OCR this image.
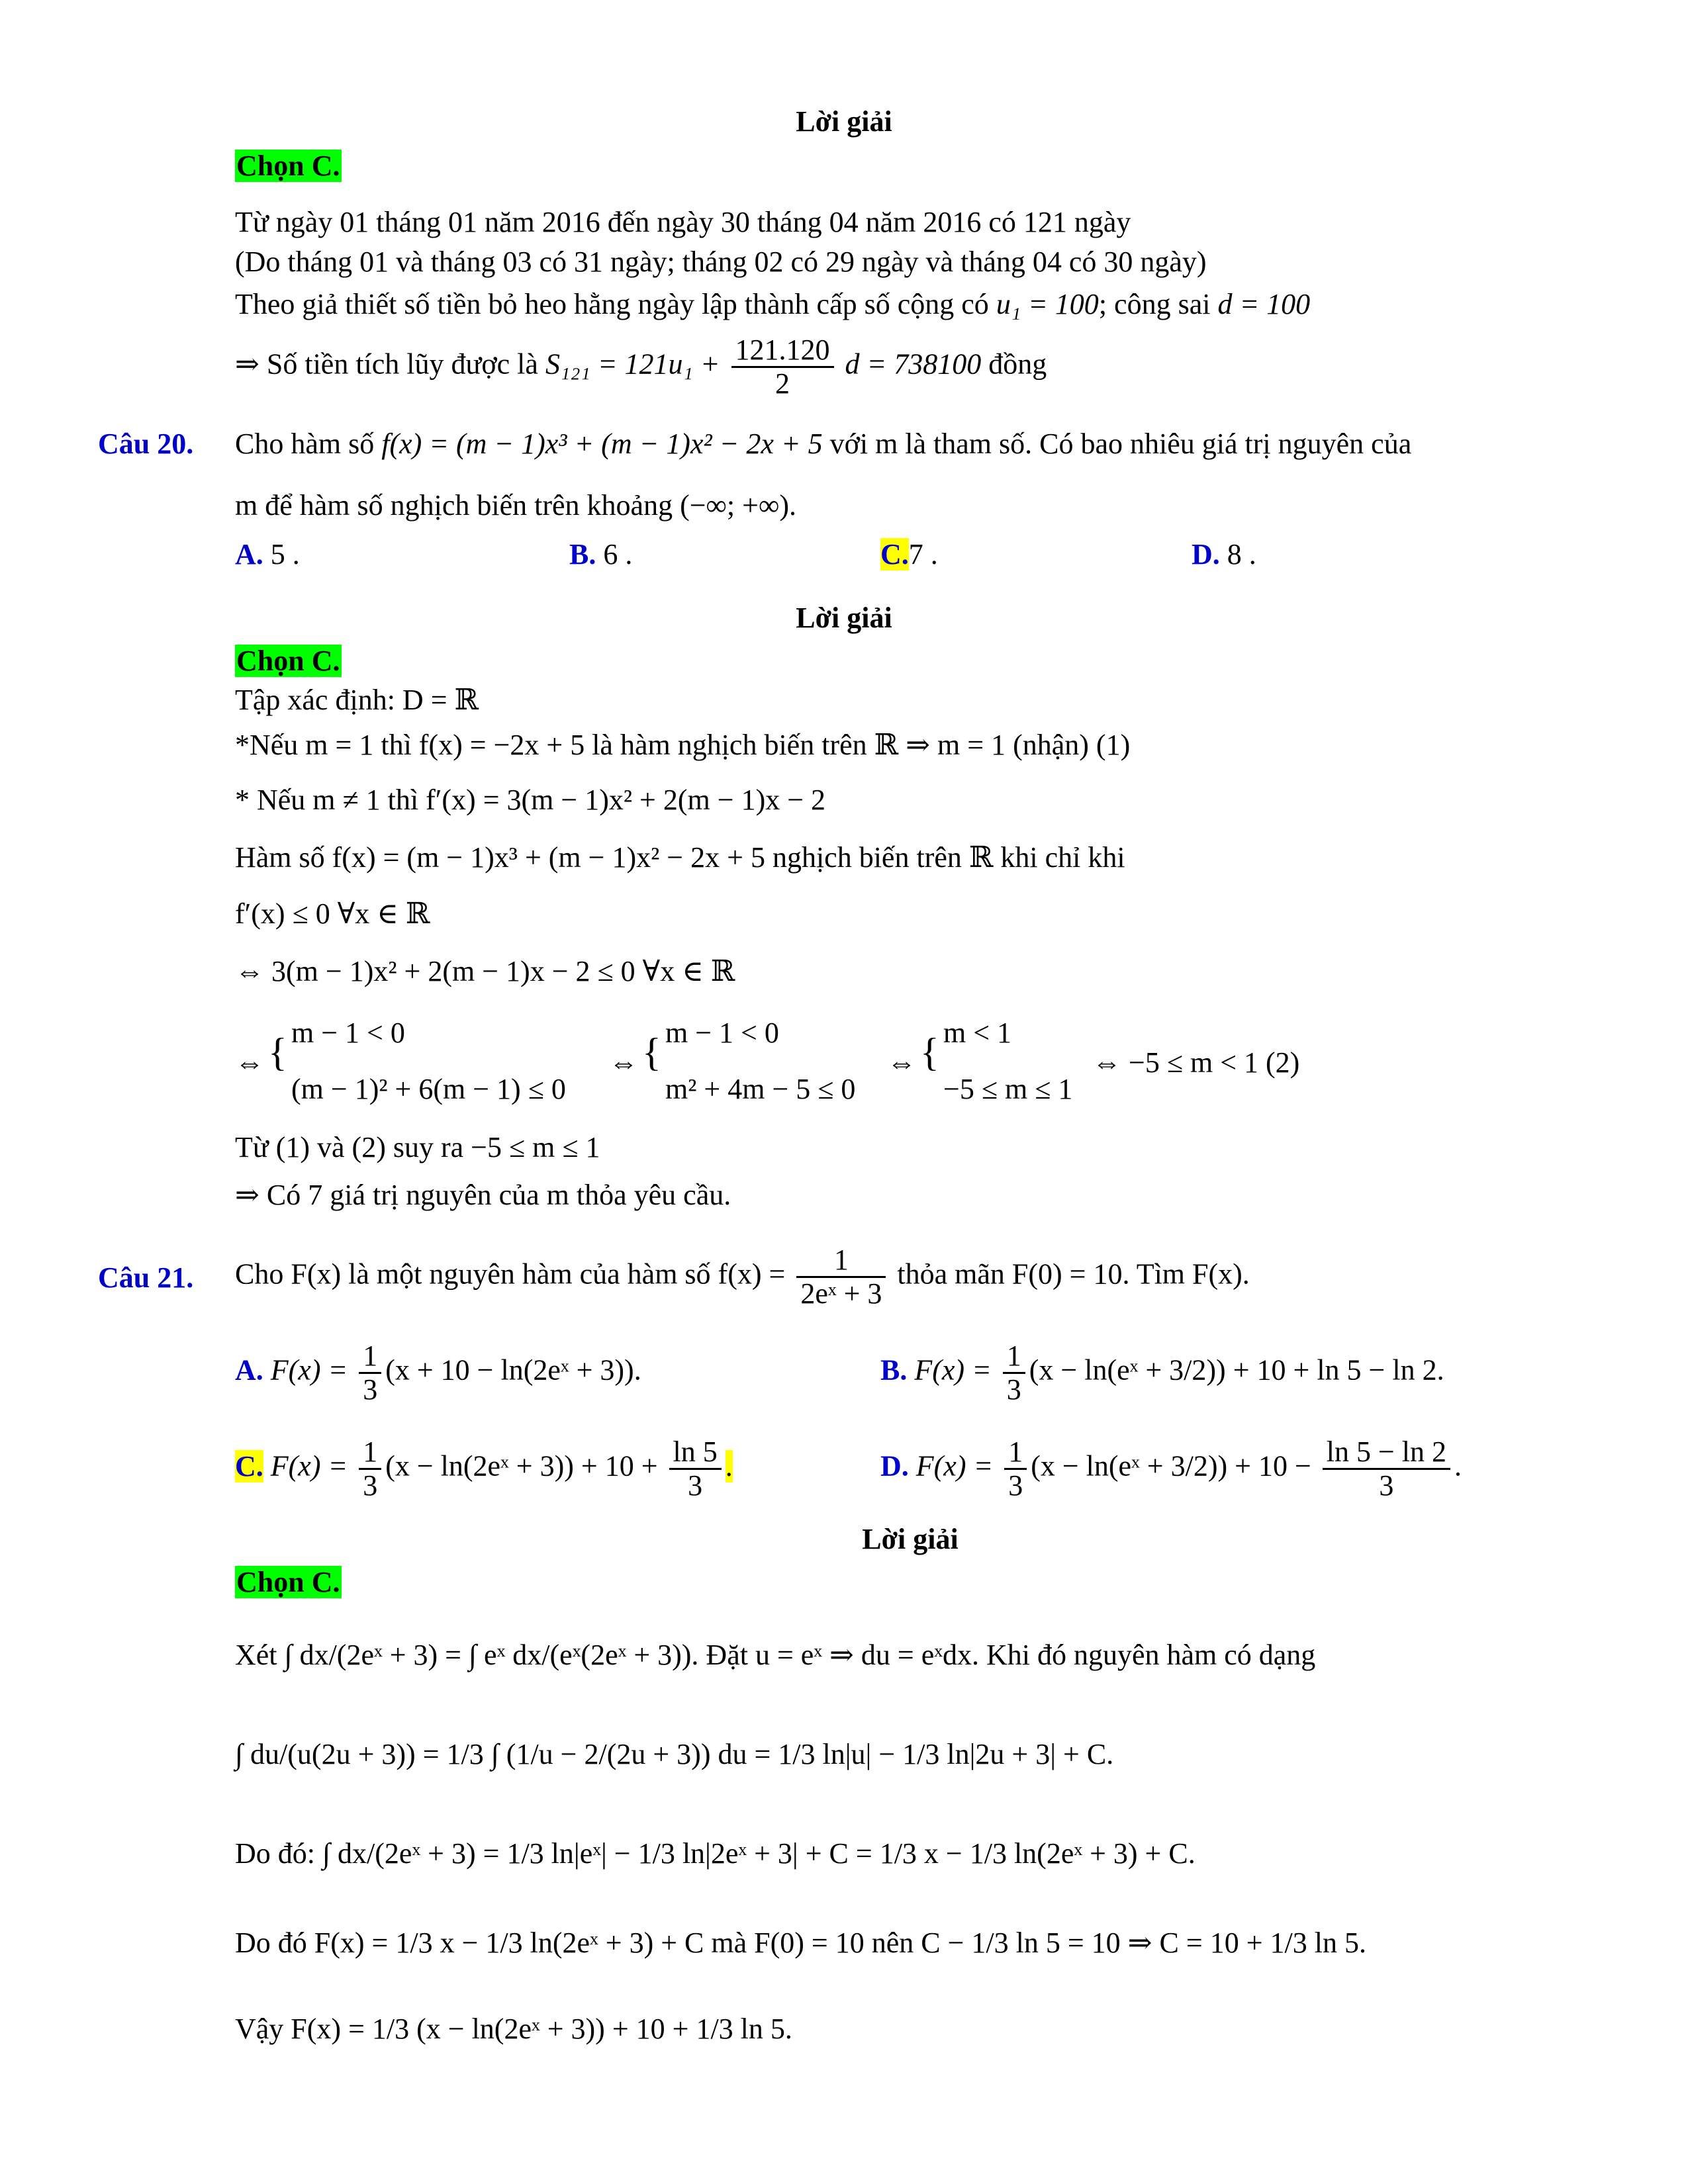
Lời giải
Chọn C.
Từ ngày 01 tháng 01 năm 2016 đến ngày 30 tháng 04 năm 2016 có 121 ngày
(Do tháng 01 và tháng 03 có 31 ngày; tháng 02 có 29 ngày và tháng 04 có 30 ngày)
Theo giả thiết số tiền bỏ heo hằng ngày lập thành cấp số cộng có u₁ = 100; công sai d = 100
⇒ Số tiền tích lũy được là $S_{121} = 121u_1 + \frac{121.120}{2}$ d = 738100 đồng
Câu 20. Cho hàm số f(x) = (m − 1)x³ + (m − 1)x² − 2x + 5 với m là tham số. Có bao nhiêu giá trị nguyên của
m để hàm số nghịch biến trên khoảng (−∞; +∞).
A. 5 .	B. 6 .	C.7 .	D. 8 .
Lời giải
Chọn C.
Tập xác định: D = ℝ
*Nếu m = 1 thì f(x) = −2x + 5 là hàm nghịch biến trên ℝ ⇒ m = 1 (nhận) (1)
* Nếu m ≠ 1 thì f′(x) = 3(m − 1)x² + 2(m − 1)x − 2
Hàm số f(x) = (m − 1)x³ + (m − 1)x² − 2x + 5 nghịch biến trên ℝ khi chỉ khi
f′(x) ≤ 0 ∀x ∈ ℝ
⇔ 3(m − 1)x² + 2(m − 1)x − 2 ≤ 0 ∀x ∈ ℝ
⇔ { m − 1 < 0
(m − 1)² + 6(m − 1) ≤ 0
⇔ { m − 1 < 0
m² + 4m − 5 ≤ 0
⇔ { m < 1
−5 ≤ m ≤ 1
⇔ −5 ≤ m < 1 (2)
Từ (1) và (2) suy ra −5 ≤ m ≤ 1
⇒ Có 7 giá trị nguyên của m thỏa yêu cầu.
Câu 21. Cho F(x) là một nguyên hàm của hàm số $f(x) = \frac{1}{\text{2eˣ + 3}}$ thỏa mãn F(0) = 10. Tìm F(x).
A. $F(x) = \frac{1}{3} (x + 10$ − ln(2eˣ + 3)).	B. $F(x) = \frac{1}{3} (x$ − ln(eˣ + 3/2)) + 10 + ln 5 − ln 2.
C. $F(x) = \frac{1}{3} (x$ − ln(2eˣ + $3)) + 10 + \frac{\ln 5}{3}$ .	D. $F(x) = \frac{1}{3} (x$ − ln(eˣ + $3/2)) + 10 - \frac{\ln 5 - \ln 2}{3}$ .
Lời giải
Chọn C.
Xét ∫ dx/(2eˣ + 3) = ∫ eˣ dx/(eˣ(2eˣ + 3)). Đặt u = eˣ ⇒ du = eˣdx. Khi đó nguyên hàm có dạng
∫ du/(u(2u + 3)) = 1/3 ∫ (1/u − 2/(2u + 3)) du = 1/3 ln|u| − 1/3 ln|2u + 3| + C.
Do đó: ∫ dx/(2eˣ + 3) = 1/3 ln|eˣ| − 1/3 ln|2eˣ + 3| + C = 1/3 x − 1/3 ln(2eˣ + 3) + C.
Do đó F(x) = 1/3 x − 1/3 ln(2eˣ + 3) + C mà F(0) = 10 nên C − 1/3 ln 5 = 10 ⇒ C = 10 + 1/3 ln 5.
Vậy F(x) = 1/3 (x − ln(2eˣ + 3)) + 10 + 1/3 ln 5.
